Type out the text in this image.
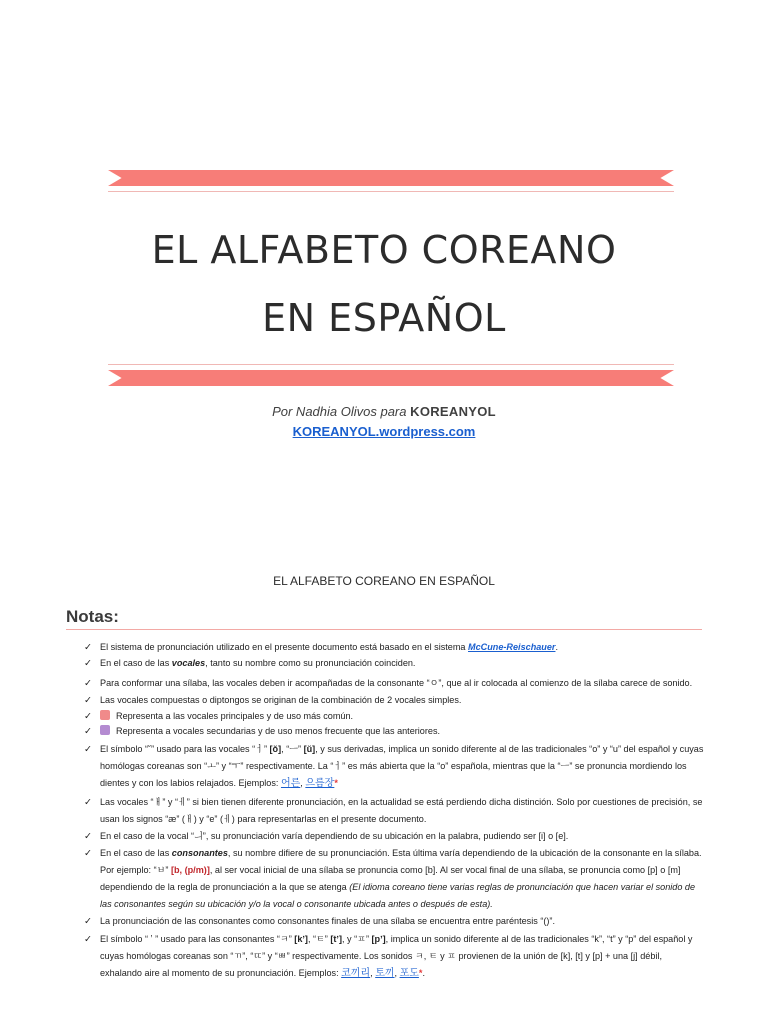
EL ALFABETO COREANO
EN ESPAÑOL
Por Nadhia Olivos para KOREANYOL
KOREANYOL.wordpress.com
EL ALFABETO COREANO EN ESPAÑOL
Notas:
✓ El sistema de pronunciación utilizado en el presente documento está basado en el sistema McCune-Reischauer.
✓ En el caso de las vocales, tanto su nombre como su pronunciación coinciden.
✓ Para conformar una sílaba, las vocales deben ir acompañadas de la consonante “ㅇ”, que al ir colocada al comienzo de la sílaba carece de sonido.
✓ Las vocales compuestas o diptongos se originan de la combinación de 2 vocales simples.
✓	Representa a las vocales principales y de uso más común.
✓	Representa a vocales secundarias y de uso menos frecuente que las anteriores.
✓ El símbolo “˘” usado para las vocales “ㅓ” [ŏ], “ㅡ” [ŭ], y sus derivadas, implica un sonido diferente al de las tradicionales “o” y “u” del español y cuyas homólogas coreanas son “ㅗ” y “ㅜ” respectivamente. La “ㅓ” es más abierta que la “o” española, mientras que la “ㅡ” se pronuncia mordiendo los dientes y con los labios relajados. Ejemplos: 어른, 으름장*
✓ Las vocales “ㅐ” y “ㅔ” si bien tienen diferente pronunciación, en la actualidad se está perdiendo dicha distinción. Solo por cuestiones de precisión, se usan los signos “æ” (ㅐ) y “e” (ㅔ) para representarlas en el presente documento.
✓ En el caso de la vocal “ㅢ”, su pronunciación varía dependiendo de su ubicación en la palabra, pudiendo ser [i] o [e].
✓ En el caso de las consonantes, su nombre difiere de su pronunciación. Esta última varía dependiendo de la ubicación de la consonante en la sílaba. Por ejemplo: “ㅂ” [b, (p/m)], al ser vocal inicial de una sílaba se pronuncia como [b]. Al ser vocal final de una sílaba, se pronuncia como [p] o [m] dependiendo de la regla de pronunciación a la que se atenga (El idioma coreano tiene varias reglas de pronunciación que hacen variar el sonido de las consonantes según su ubicación y/o la vocal o consonante ubicada antes o después de esta).
✓ La pronunciación de las consonantes como consonantes finales de una sílaba se encuentra entre paréntesis “()”.
✓ El símbolo “ ʼ ” usado para las consonantes “ㅋ” [kʼ], “ㅌ” [tʼ], y “ㅍ” [pʼ], implica un sonido diferente al de las tradicionales “k”, “t” y “p” del español y cuyas homólogas coreanas son “ㄲ”, “ㄸ” y “ㅃ” respectivamente. Los sonidos ㅋ, ㅌ y ㅍ provienen de la unión de [k], [t] y [p] + una [j] débil, exhalando aire al momento de su pronunciación. Ejemplos: 코끼리, 토끼, 포도*.
